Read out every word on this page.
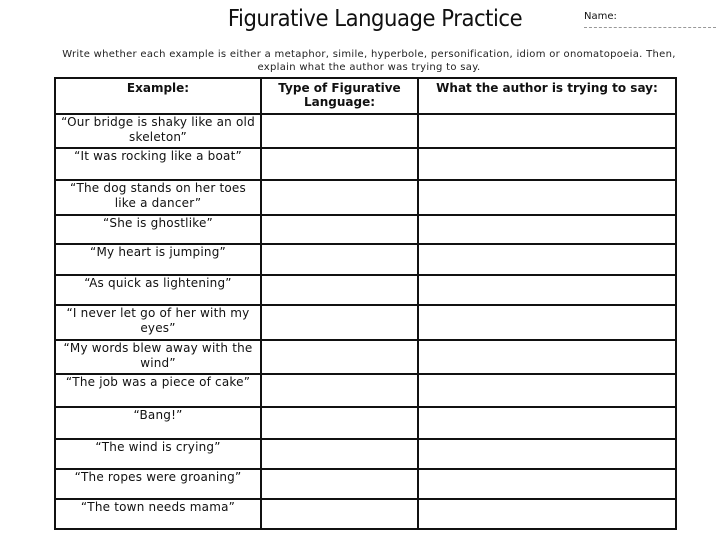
Figurative Language Practice	Name:
Write whether each example is either a metaphor, simile, hyperbole, personification, idiom or onomatopoeia. Then, explain what the author was trying to say.
Example:	Type of Figurative Language:	What the author is trying to say:
“Our bridge is shaky like an old skeleton”		
“It was rocking like a boat”		
“The dog stands on her toes like a dancer”		
“She is ghostlike”		
“My heart is jumping”		
“As quick as lightening”		
“I never let go of her with my eyes”		
“My words blew away with the wind”		
“The job was a piece of cake”		
“Bang!”		
“The wind is crying”		
“The ropes were groaning”		
“The town needs mama”		
